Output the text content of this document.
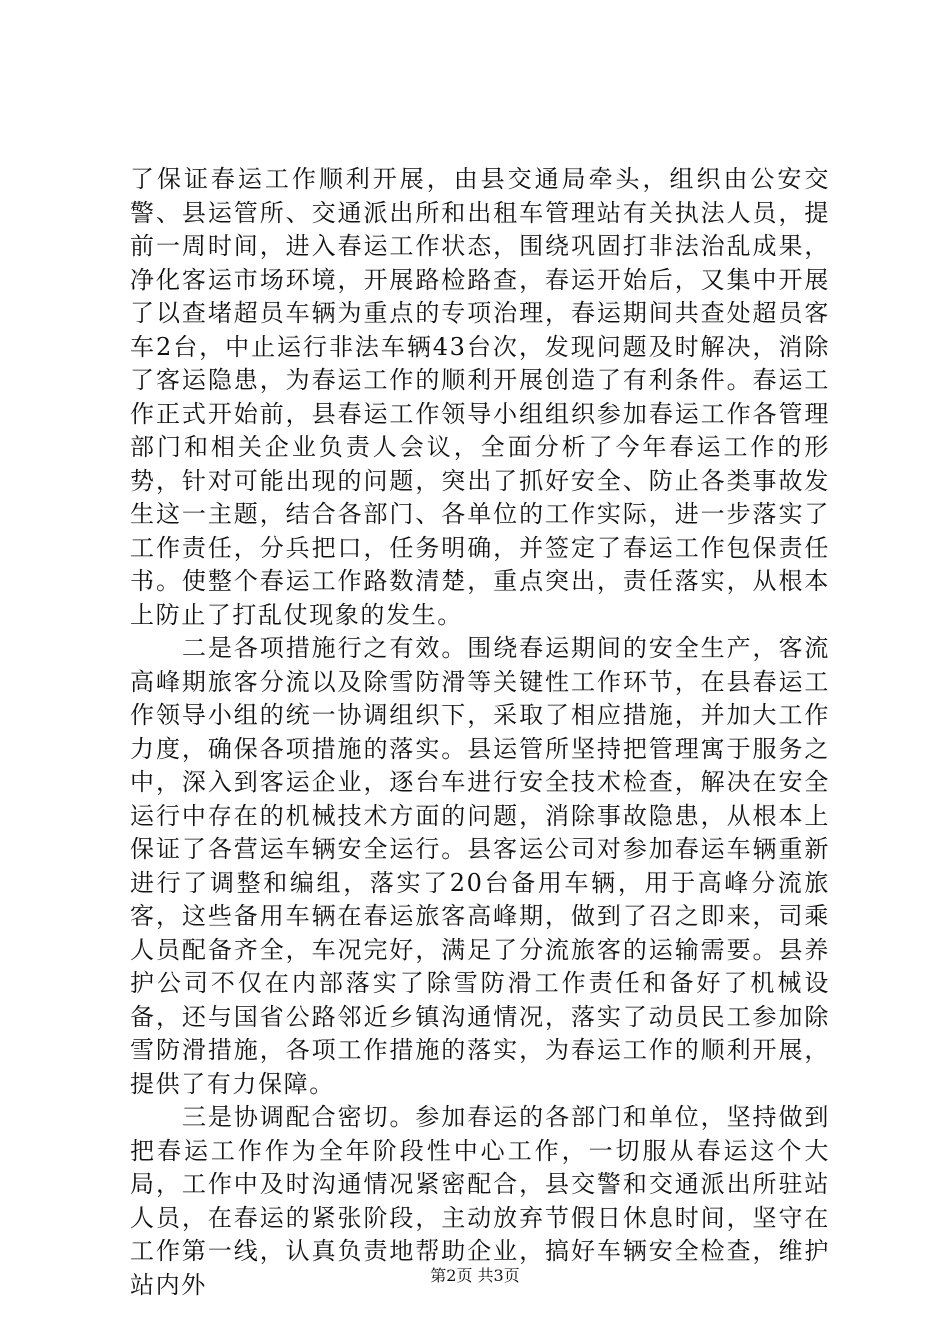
了保证春运工作顺利开展，由县交通局牵头，组织由公安交警、县运管所、交通派出所和出租车管理站有关执法人员，提前一周时间，进入春运工作状态，围绕巩固打非法治乱成果，净化客运市场环境，开展路检路查，春运开始后，又集中开展了以查堵超员车辆为重点的专项治理，春运期间共查处超员客车2台，中止运行非法车辆43台次，发现问题及时解决，消除了客运隐患，为春运工作的顺利开展创造了有利条件。春运工作正式开始前，县春运工作领导小组组织参加春运工作各管理部门和相关企业负责人会议，全面分析了今年春运工作的形势，针对可能出现的问题，突出了抓好安全、防止各类事故发生这一主题，结合各部门、各单位的工作实际，进一步落实了工作责任，分兵把口，任务明确，并签定了春运工作包保责任书。使整个春运工作路数清楚，重点突出，责任落实，从根本上防止了打乱仗现象的发生。

二是各项措施行之有效。围绕春运期间的安全生产，客流高峰期旅客分流以及除雪防滑等关键性工作环节，在县春运工作领导小组的统一协调组织下，采取了相应措施，并加大工作力度，确保各项措施的落实。县运管所坚持把管理寓于服务之中，深入到客运企业，逐台车进行安全技术检查，解决在安全运行中存在的机械技术方面的问题，消除事故隐患，从根本上保证了各营运车辆安全运行。县客运公司对参加春运车辆重新进行了调整和编组，落实了20台备用车辆，用于高峰分流旅客，这些备用车辆在春运旅客高峰期，做到了召之即来，司乘人员配备齐全，车况完好，满足了分流旅客的运输需要。县养护公司不仅在内部落实了除雪防滑工作责任和备好了机械设备，还与国省公路邻近乡镇沟通情况，落实了动员民工参加除雪防滑措施，各项工作措施的落实，为春运工作的顺利开展，提供了有力保障。

三是协调配合密切。参加春运的各部门和单位，坚持做到把春运工作作为全年阶段性中心工作，一切服从春运这个大局，工作中及时沟通情况紧密配合，县交警和交通派出所驻站人员，在春运的紧张阶段，主动放弃节假日休息时间，坚守在工作第一线，认真负责地帮助企业，搞好车辆安全检查，维护站内外	第2页 共3页
